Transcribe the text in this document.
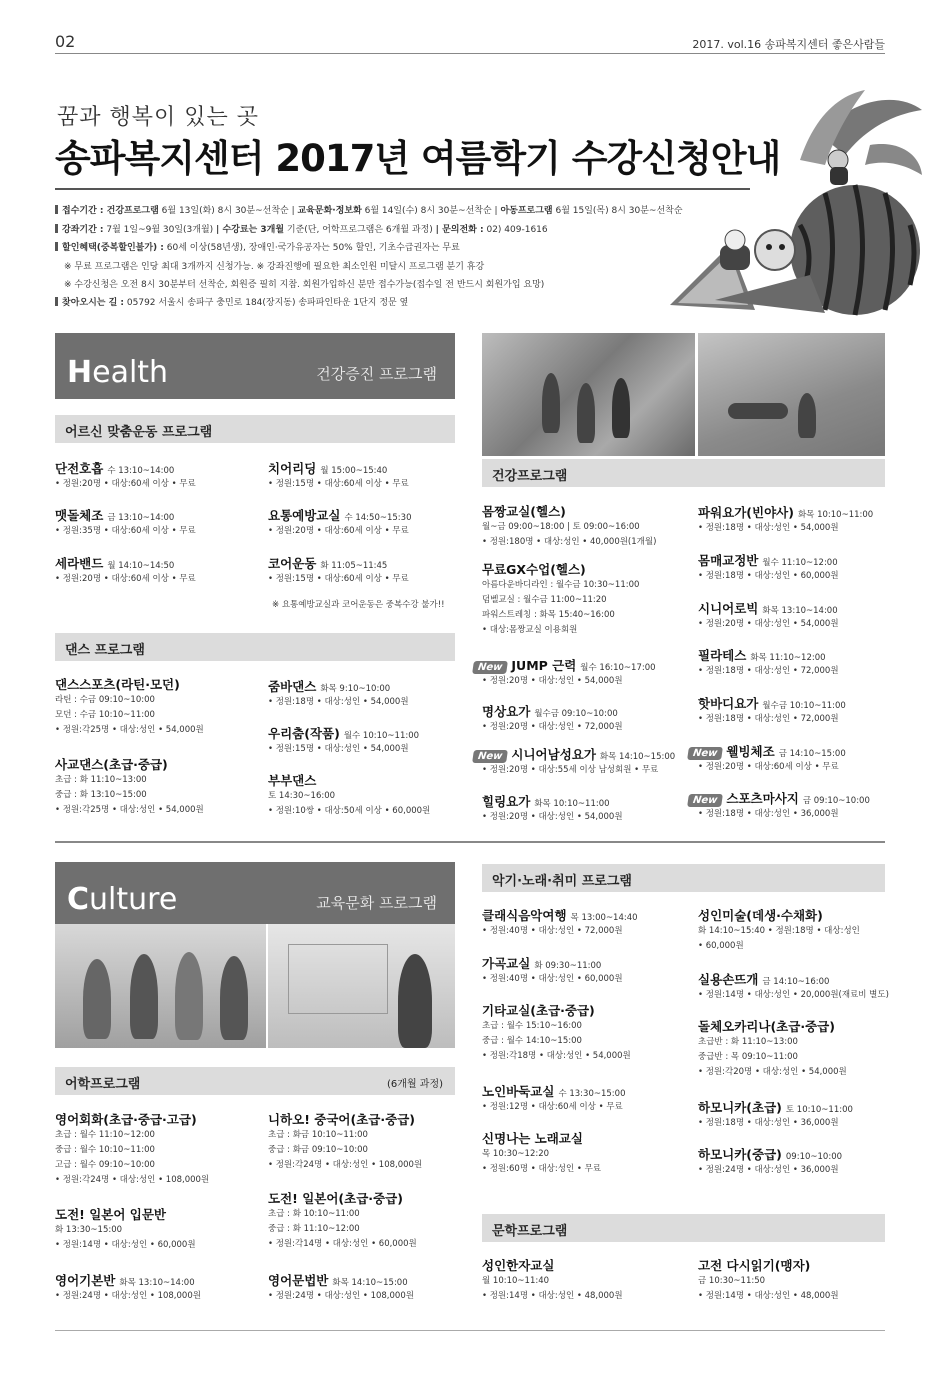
02	2017. vol.16 송파복지센터 좋은사람들
꿈과 행복이 있는 곳
송파복지센터 2017년 여름학기 수강신청안내
접수기간 : 건강프로그램 6월 13일(화) 8시 30분~선착순 | 교육문화·정보화 6월 14일(수) 8시 30분~선착순 | 아동프로그램 6월 15일(목) 8시 30분~선착순
강좌기간 : 7월 1일~9월 30일(3개월) | 수강료는 3개월 기준(단, 어학프로그램은 6개월 과정) | 문의전화 : 02) 409-1616
할인혜택(중복할인불가) : 60세 이상(58년생), 장애인·국가유공자는 50% 할인, 기초수급권자는 무료
※ 무료 프로그램은 인당 최대 3개까지 신청가능. ※ 강좌진행에 필요한 최소인원 미달시 프로그램 분기 휴강
※ 수강신청은 오전 8시 30분부터 선착순, 회원증 필히 지참. 회원가입하신 분만 접수가능(접수일 전 반드시 회원가입 요망)
찾아오시는 길 : 05792 서울시 송파구 충민로 184(장지동) 송파파인타운 1단지 정문 옆
Health	건강증진 프로그램
어르신 맞춤운동 프로그램
단전호흡 수 13:10~14:00
• 정원:20명 • 대상:60세 이상 • 무료
맷돌체조 금 13:10~14:00
• 정원:35명 • 대상:60세 이상 • 무료
세라밴드 월 14:10~14:50
• 정원:20명 • 대상:60세 이상 • 무료
치어리딩 월 15:00~15:40
• 정원:15명 • 대상:60세 이상 • 무료
요통예방교실 수 14:50~15:30
• 정원:20명 • 대상:60세 이상 • 무료
코어운동 화 11:05~11:45
• 정원:15명 • 대상:60세 이상 • 무료
※ 요통예방교실과 코어운동은 중복수강 불가!!
댄스 프로그램
댄스스포츠(라틴·모던)
라틴 : 수금 09:10~10:00
모던 : 수금 10:10~11:00
• 정원:각25명 • 대상:성인 • 54,000원
사교댄스(초급·중급)
초급 : 화 11:10~13:00
중급 : 화 13:10~15:00
• 정원:각25명 • 대상:성인 • 54,000원
줌바댄스 화목 9:10~10:00
• 정원:18명 • 대상:성인 • 54,000원
우리춤(작품) 월수 10:10~11:00
• 정원:15명 • 대상:성인 • 54,000원
부부댄스
토 14:30~16:00
• 정원:10쌍 • 대상:50세 이상 • 60,000원
건강프로그램
몸짱교실(헬스)
월~금 09:00~18:00 | 토 09:00~16:00
• 정원:180명 • 대상:성인 • 40,000원(1개월)
무료GX수업(헬스)
아름다운바디라인 : 월수금 10:30~11:00
덤벨교실 : 월수금 11:00~11:20
파워스트레칭 : 화목 15:40~16:00
• 대상:몸짱교실 이용회원
New JUMP 근력 월수 16:10~17:00
• 정원:20명 • 대상:성인 • 54,000원
명상요가 월수금 09:10~10:00
• 정원:20명 • 대상:성인 • 72,000원
New 시니어남성요가 화목 14:10~15:00
• 정원:20명 • 대상:55세 이상 남성회원 • 무료
힐링요가 화목 10:10~11:00
• 정원:20명 • 대상:성인 • 54,000원
파워요가(빈야사) 화목 10:10~11:00
• 정원:18명 • 대상:성인 • 54,000원
몸매교정반 월수 11:10~12:00
• 정원:18명 • 대상:성인 • 60,000원
시니어로빅 화목 13:10~14:00
• 정원:20명 • 대상:성인 • 54,000원
필라테스 화목 11:10~12:00
• 정원:18명 • 대상:성인 • 72,000원
핫바디요가 월수금 10:10~11:00
• 정원:18명 • 대상:성인 • 72,000원
New 웰빙체조 금 14:10~15:00
• 정원:20명 • 대상:60세 이상 • 무료
New 스포츠마사지 금 09:10~10:00
• 정원:18명 • 대상:성인 • 36,000원
Culture	교육문화 프로그램
어학프로그램	(6개월 과정)
영어회화(초급·중급·고급)
초급 : 월수 11:10~12:00
중급 : 월수 10:10~11:00
고급 : 월수 09:10~10:00
• 정원:각24명 • 대상:성인 • 108,000원
도전! 일본어 입문반
화 13:30~15:00
• 정원:14명 • 대상:성인 • 60,000원
영어기본반 화목 13:10~14:00
• 정원:24명 • 대상:성인 • 108,000원
니하오! 중국어(초급·중급)
초급 : 화금 10:10~11:00
중급 : 화금 09:10~10:00
• 정원:각24명 • 대상:성인 • 108,000원
도전! 일본어(초급·중급)
초급 : 화 10:10~11:00
중급 : 화 11:10~12:00
• 정원:각14명 • 대상:성인 • 60,000원
영어문법반 화목 14:10~15:00
• 정원:24명 • 대상:성인 • 108,000원
악기·노래·취미 프로그램
클래식음악여행 목 13:00~14:40
• 정원:40명 • 대상:성인 • 72,000원
가곡교실 화 09:30~11:00
• 정원:40명 • 대상:성인 • 60,000원
기타교실(초급·중급)
초급 : 월수 15:10~16:00
중급 : 월수 14:10~15:00
• 정원:각18명 • 대상:성인 • 54,000원
노인바둑교실 수 13:30~15:00
• 정원:12명 • 대상:60세 이상 • 무료
신명나는 노래교실
목 10:30~12:20
• 정원:60명 • 대상:성인 • 무료
성인미술(데생·수채화)
화 14:10~15:40 • 정원:18명 • 대상:성인
• 60,000원
실용손뜨개 금 14:10~16:00
• 정원:14명 • 대상:성인 • 20,000원(재료비 별도)
돌체오카리나(초급·중급)
초급반 : 화 11:10~13:00
중급반 : 목 09:10~11:00
• 정원:각20명 • 대상:성인 • 54,000원
하모니카(초급) 토 10:10~11:00
• 정원:18명 • 대상:성인 • 36,000원
하모니카(중급) 09:10~10:00
• 정원:24명 • 대상:성인 • 36,000원
문학프로그램
성인한자교실
월 10:10~11:40
• 정원:14명 • 대상:성인 • 48,000원
고전 다시읽기(맹자)
금 10:30~11:50
• 정원:14명 • 대상:성인 • 48,000원
